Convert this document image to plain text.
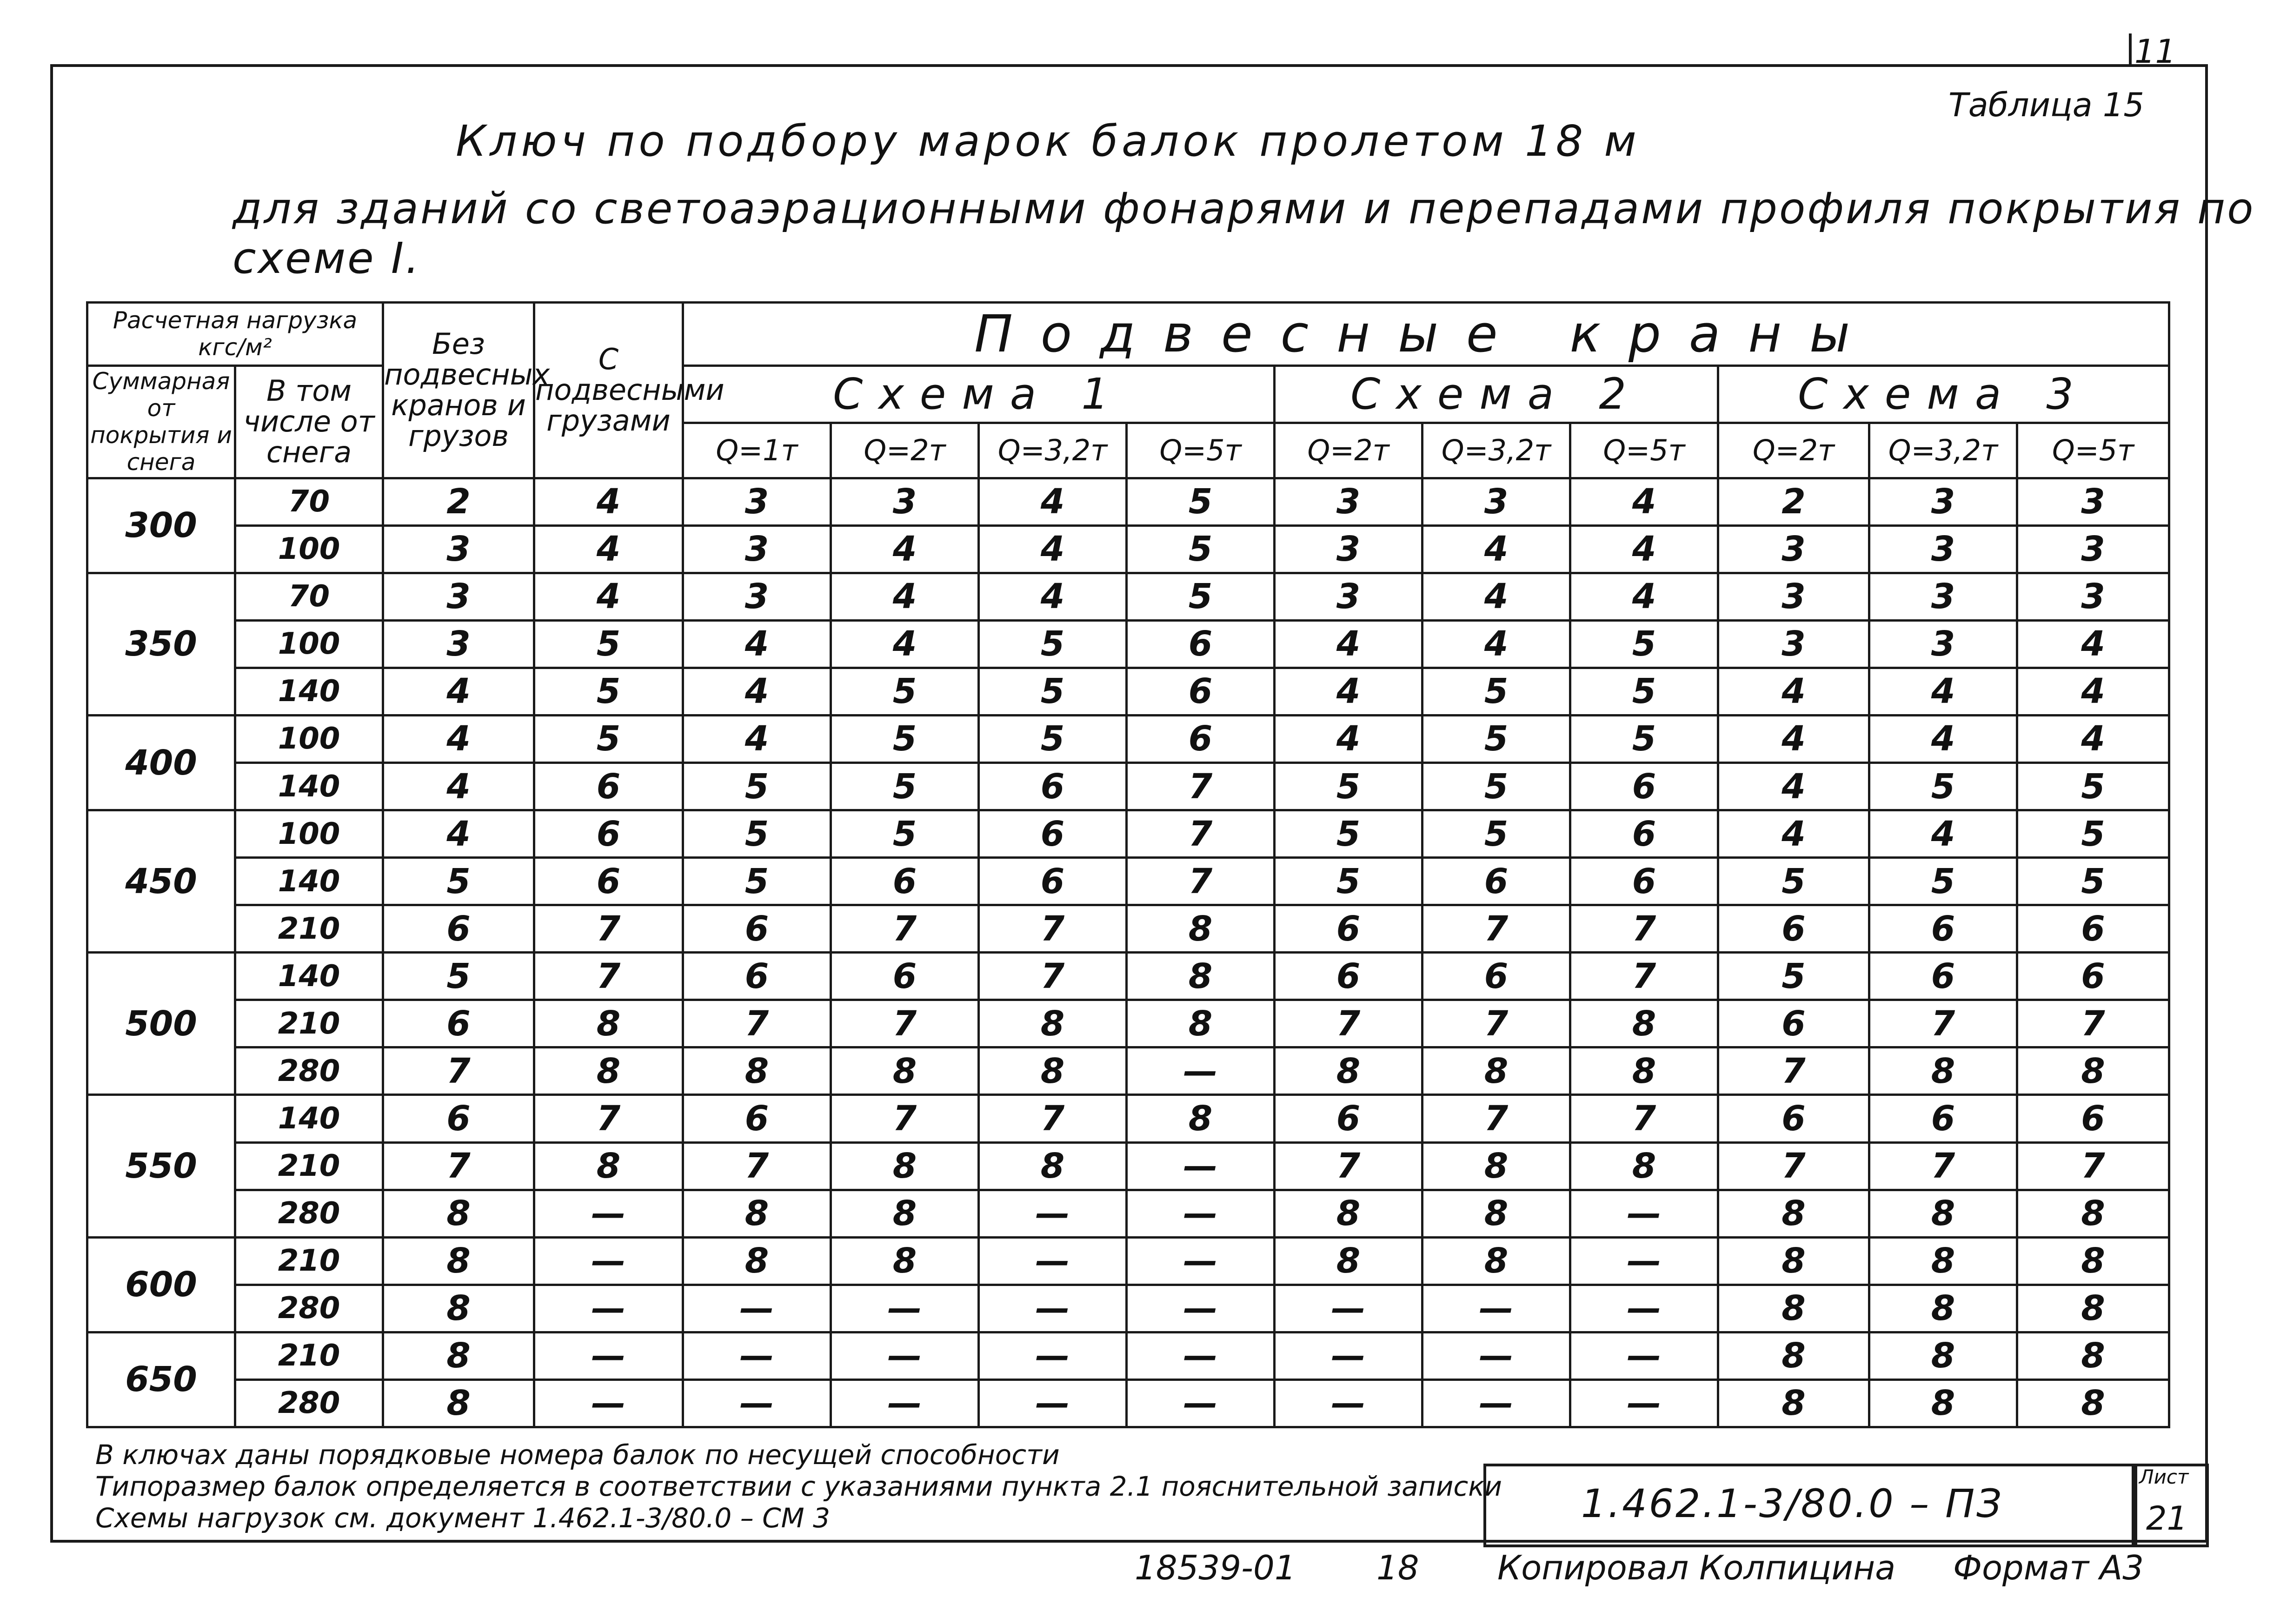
11
Таблица 15
Ключ по подбору марок балок пролетом 18 м
для зданий со светоаэрационными фонарями и перепадами профиля покрытия по схеме I.
Расчетная нагрузка кгс/м²		Без подвесных кранов и грузов	С подвесными грузами	Подвесные краны									
Суммарная от покрытия и снега	В том числе от снега			Схема 1				Схема 2			Схема 3		
				Q=1т	Q=2т	Q=3,2т	Q=5т	Q=2т	Q=3,2т	Q=5т	Q=2т	Q=3,2т	Q=5т
300	70	2	4	3	3	4	5	3	3	4	2	3	3
	100	3	4	3	4	4	5	3	4	4	3	3	3
350	70	3	4	3	4	4	5	3	4	4	3	3	3
	100	3	5	4	4	5	6	4	4	5	3	3	4
	140	4	5	4	5	5	6	4	5	5	4	4	4
400	100	4	5	4	5	5	6	4	5	5	4	4	4
	140	4	6	5	5	6	7	5	5	6	4	5	5
450	100	4	6	5	5	6	7	5	5	6	4	4	5
	140	5	6	5	6	6	7	5	6	6	5	5	5
	210	6	7	6	7	7	8	6	7	7	6	6	6
500	140	5	7	6	6	7	8	6	6	7	5	6	6
	210	6	8	7	7	8	8	7	7	8	6	7	7
	280	7	8	8	8	8	—	8	8	8	7	8	8
550	140	6	7	6	7	7	8	6	7	7	6	6	6
	210	7	8	7	8	8	—	7	8	8	7	7	7
	280	8	—	8	8	—	—	8	8	—	8	8	8
600	210	8	—	8	8	—	—	8	8	—	8	8	8
	280	8	—	—	—	—	—	—	—	—	8	8	8
650	210	8	—	—	—	—	—	—	—	—	8	8	8
	280	8	—	—	—	—	—	—	—	—	8	8	8
В ключах даны порядковые номера балок по несущей способности
Типоразмер балок определяется в соответствии с указаниями пункта 2.1 пояснительной записки
Схемы нагрузок см. документ 1.462.1-3/80.0 – СМ 3	1.462.1-3/80.0 – ПЗ
Лист
21
18539-01 18 Копировал Колпицина Формат А3
